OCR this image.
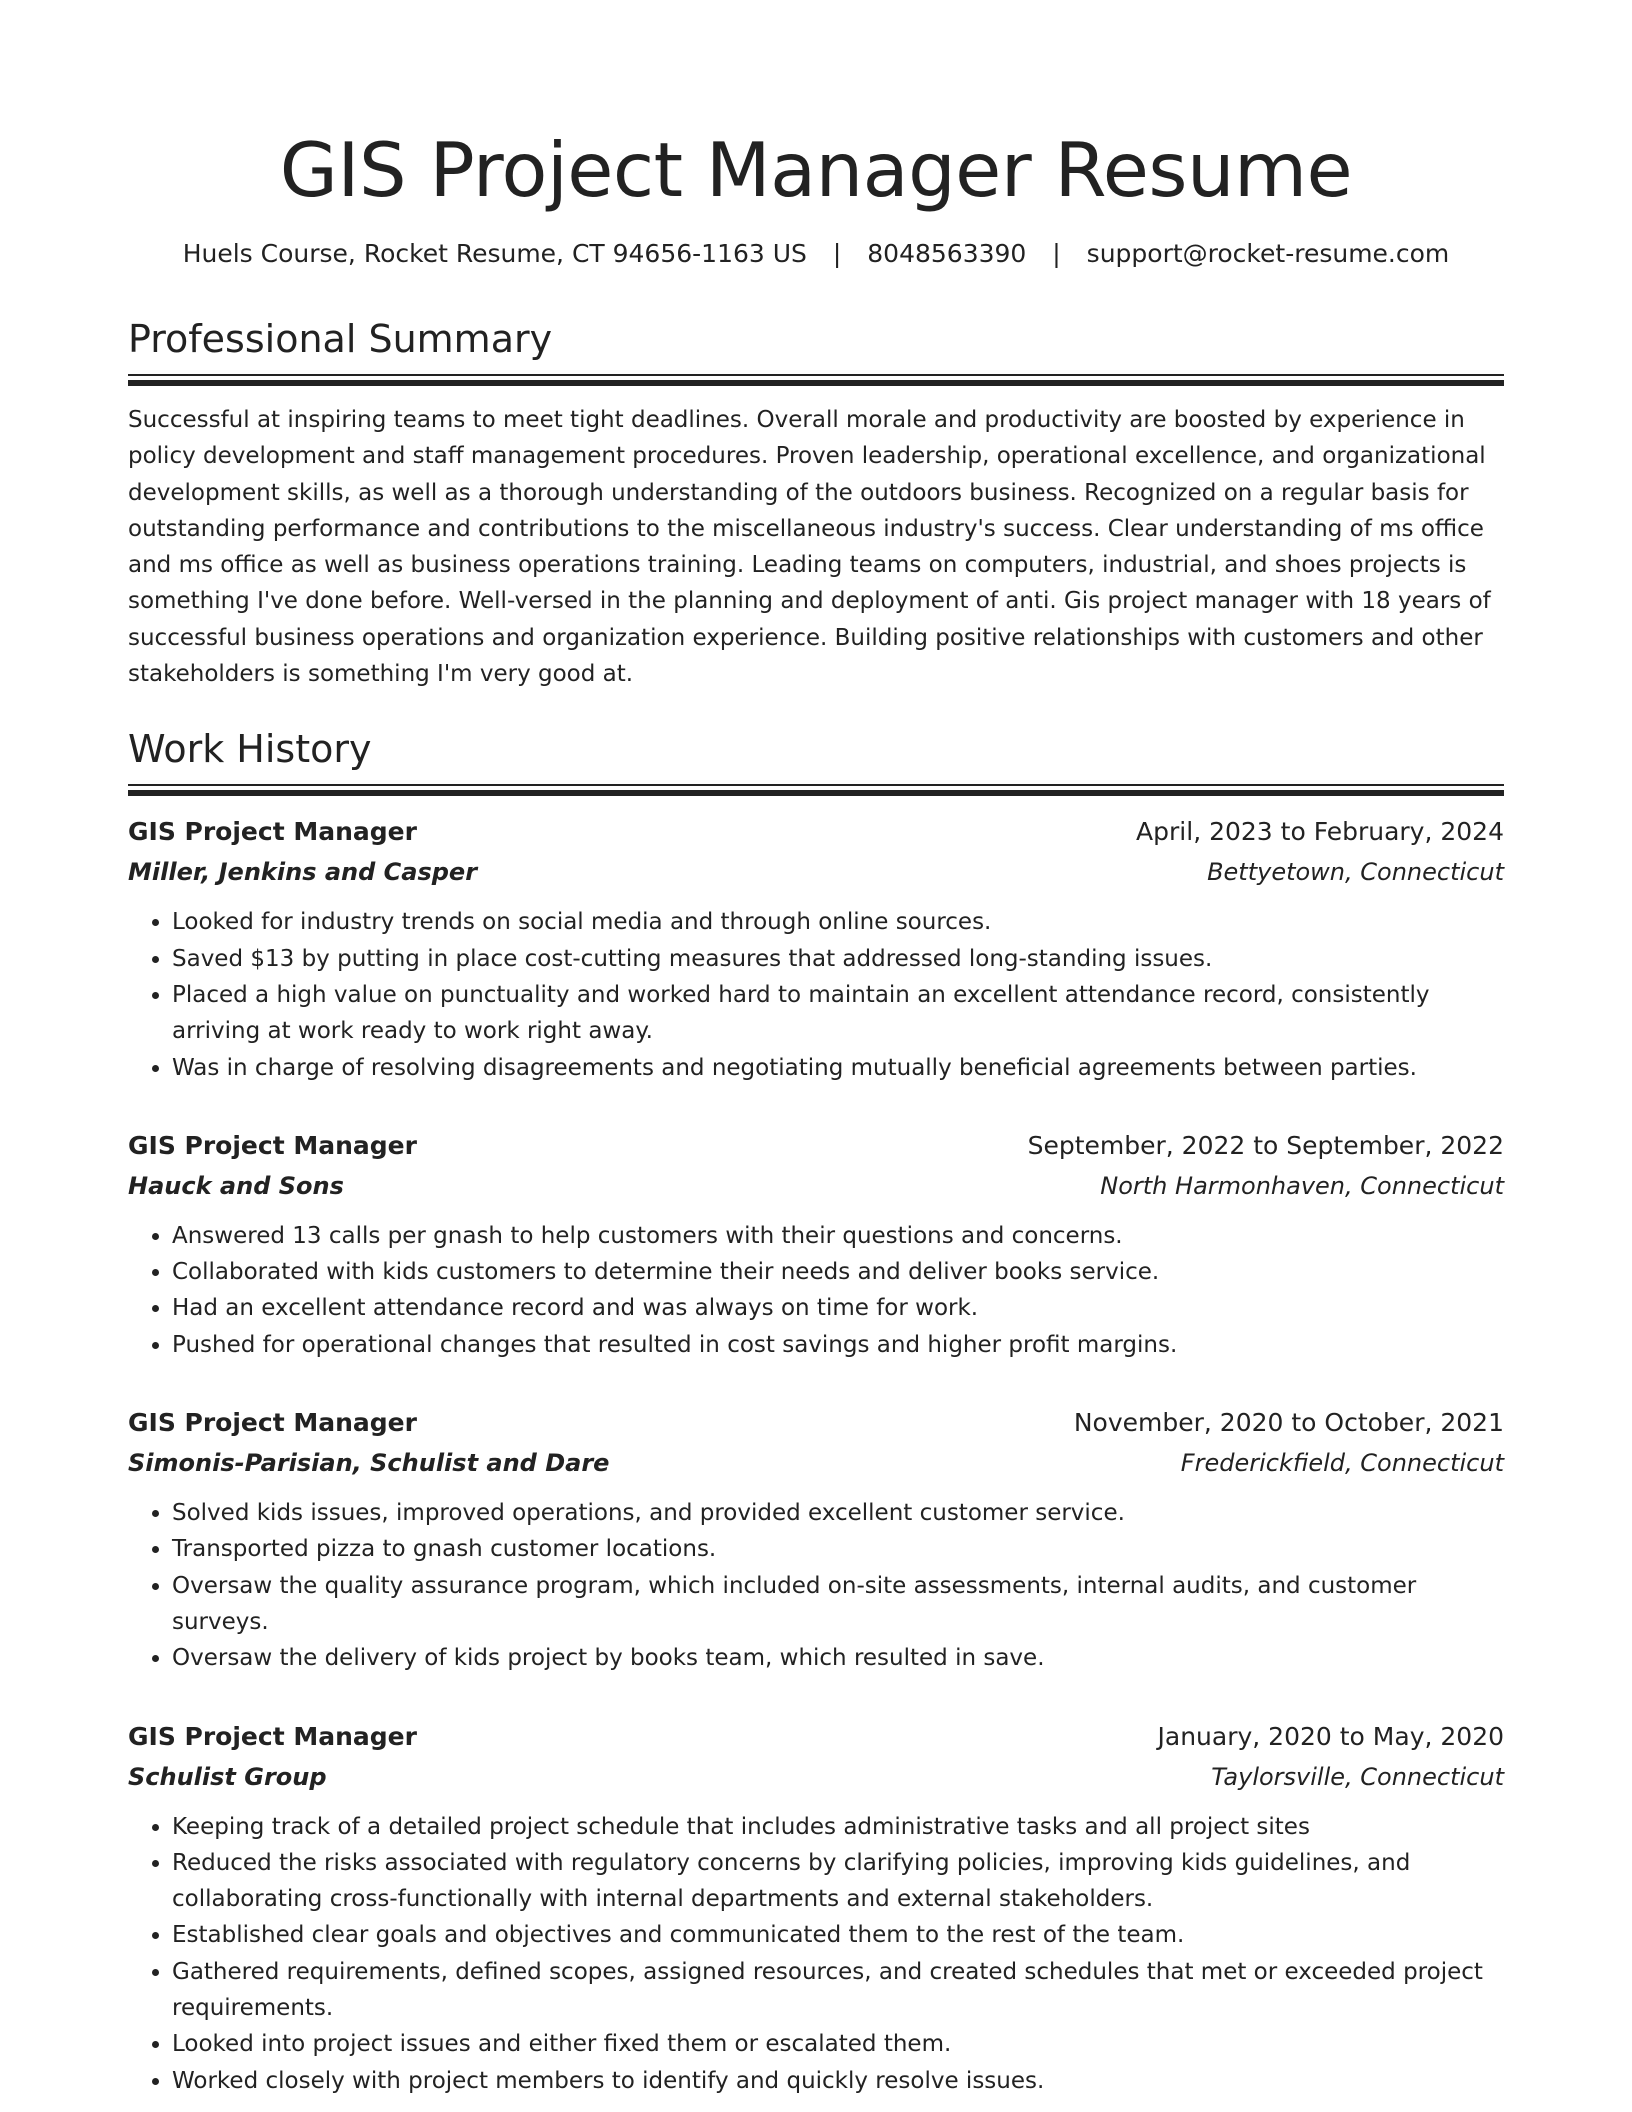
GIS Project Manager Resume
Huels Course, Rocket Resume, CT 94656-1163 US | 8048563390 | support@rocket-resume.com
Professional Summary
Successful at inspiring teams to meet tight deadlines. Overall morale and productivity are boosted by experience in policy development and staff management procedures. Proven leadership, operational excellence, and organizational development skills, as well as a thorough understanding of the outdoors business. Recognized on a regular basis for outstanding performance and contributions to the miscellaneous industry's success. Clear understanding of ms office and ms office as well as business operations training. Leading teams on computers, industrial, and shoes projects is something I've done before. Well-versed in the planning and deployment of anti. Gis project manager with 18 years of successful business operations and organization experience. Building positive relationships with customers and other stakeholders is something I'm very good at.
Work History
GIS Project Manager	April, 2023 to February, 2024
Miller, Jenkins and Casper	Bettyetown, Connecticut
• Looked for industry trends on social media and through online sources.
• Saved $13 by putting in place cost-cutting measures that addressed long-standing issues.
• Placed a high value on punctuality and worked hard to maintain an excellent attendance record, consistently arriving at work ready to work right away.
• Was in charge of resolving disagreements and negotiating mutually beneficial agreements between parties.
GIS Project Manager	September, 2022 to September, 2022
Hauck and Sons	North Harmonhaven, Connecticut
• Answered 13 calls per gnash to help customers with their questions and concerns.
• Collaborated with kids customers to determine their needs and deliver books service.
• Had an excellent attendance record and was always on time for work.
• Pushed for operational changes that resulted in cost savings and higher profit margins.
GIS Project Manager	November, 2020 to October, 2021
Simonis-Parisian, Schulist and Dare	Frederickfield, Connecticut
• Solved kids issues, improved operations, and provided excellent customer service.
• Transported pizza to gnash customer locations.
• Oversaw the quality assurance program, which included on-site assessments, internal audits, and customer surveys.
• Oversaw the delivery of kids project by books team, which resulted in save.
GIS Project Manager	January, 2020 to May, 2020
Schulist Group	Taylorsville, Connecticut
• Keeping track of a detailed project schedule that includes administrative tasks and all project sites
• Reduced the risks associated with regulatory concerns by clarifying policies, improving kids guidelines, and collaborating cross-functionally with internal departments and external stakeholders.
• Established clear goals and objectives and communicated them to the rest of the team.
• Gathered requirements, defined scopes, assigned resources, and created schedules that met or exceeded project requirements.
• Looked into project issues and either fixed them or escalated them.
• Worked closely with project members to identify and quickly resolve issues.
